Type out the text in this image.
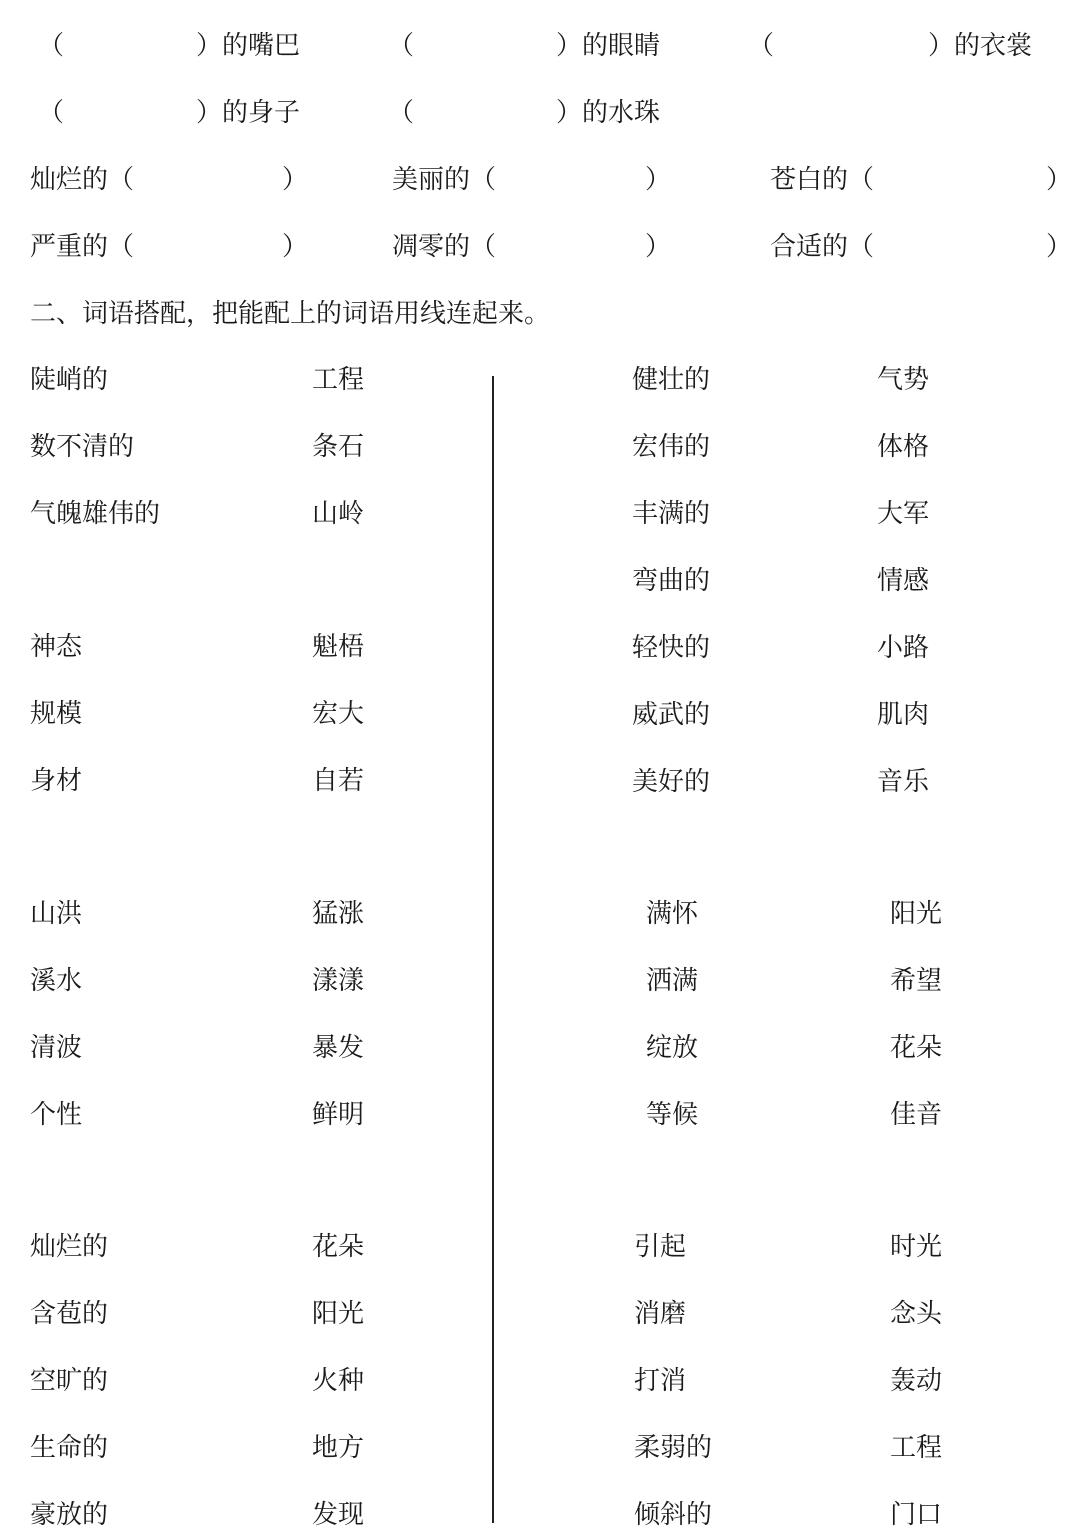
（	）的嘴巴	（	）的眼睛	（	）的衣裳
（	）的身子	（	）的水珠
灿烂的（	）	美丽的（	）	苍白的（	）
严重的（	）	凋零的（	）	合适的（	）
二、词语搭配，把能配上的词语用线连起来。
陡峭的	工程
数不清的	条石
气魄雄伟的	山岭
神态	魁梧
规模	宏大
身材	自若
山洪	猛涨
溪水	漾漾
清波	暴发
个性	鲜明
灿烂的	花朵
含苞的	阳光
空旷的	火种
生命的	地方
豪放的	发现
健壮的	气势
宏伟的	体格
丰满的	大军
弯曲的	情感
轻快的	小路
威武的	肌肉
美好的	音乐
满怀	阳光
洒满	希望
绽放	花朵
等候	佳音
引起	时光
消磨	念头
打消	轰动
柔弱的	工程
倾斜的	门口
